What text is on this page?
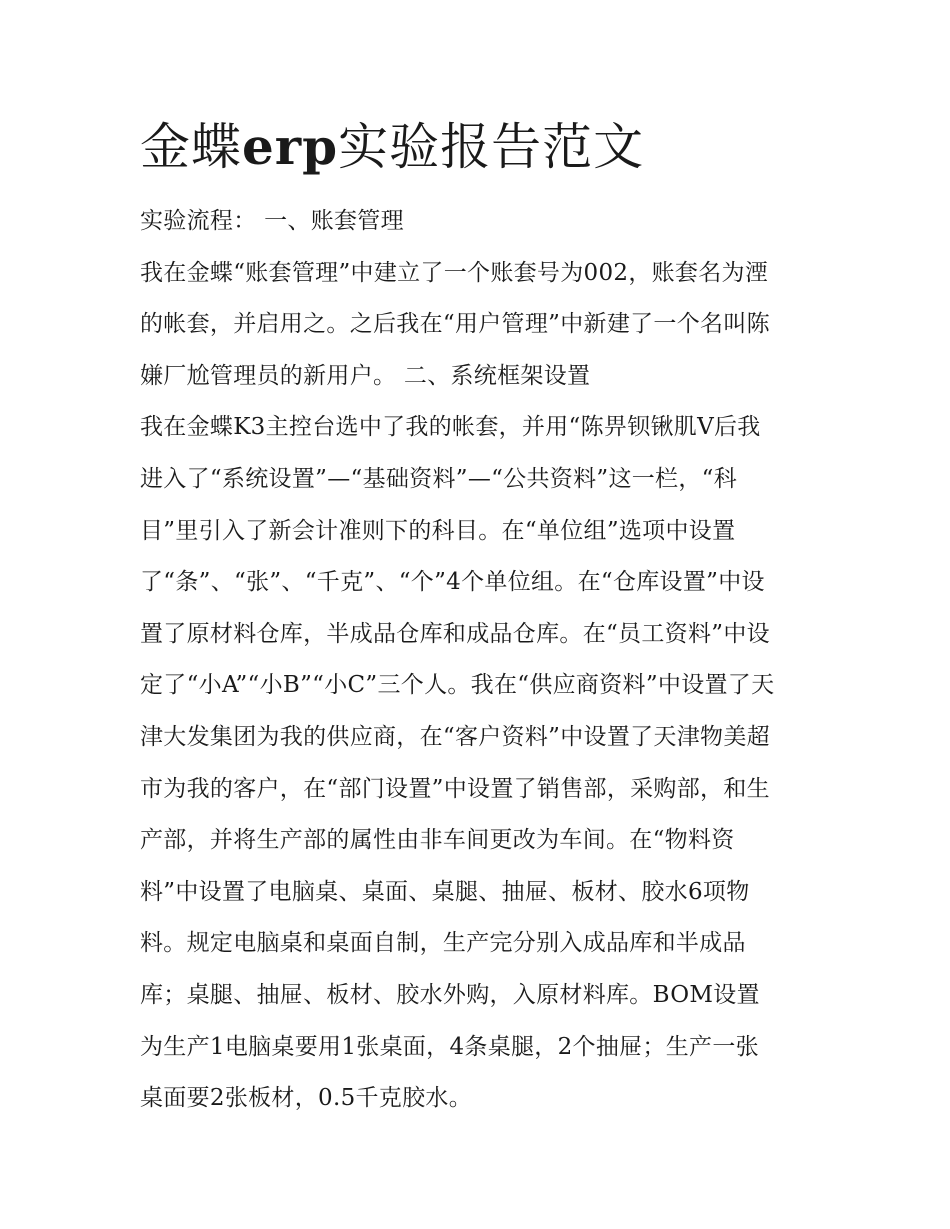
金蝶erp实验报告范文
实验流程： 一、账套管理
我在金蝶“账套管理”中建立了一个账套号为002，账套名为湮
的帐套，并启用之。之后我在“用户管理”中新建了一个名叫陈
嫌厂尬管理员的新用户。 二、系统框架设置
我在金蝶K3主控台选中了我的帐套，并用“陈畀钡锹肌Ⅴ后我
进入了“系统设置”—“基础资料”—“公共资料”这一栏，“科
目”里引入了新会计准则下的科目。在“单位组”选项中设置
了“条”、“张”、“千克”、“个”4个单位组。在“仓库设置”中设
置了原材料仓库，半成品仓库和成品仓库。在“员工资料”中设
定了“小A”“小B”“小C”三个人。我在“供应商资料”中设置了天
津大发集团为我的供应商，在“客户资料”中设置了天津物美超
市为我的客户，在“部门设置”中设置了销售部，采购部，和生
产部，并将生产部的属性由非车间更改为车间。在“物料资
料”中设置了电脑桌、桌面、桌腿、抽屉、板材、胶水6项物
料。规定电脑桌和桌面自制，生产完分别入成品库和半成品
库；桌腿、抽屉、板材、胶水外购，入原材料库。BOM设置
为生产1电脑桌要用1张桌面，4条桌腿，2个抽屉；生产一张
桌面要2张板材，0.5千克胶水。
